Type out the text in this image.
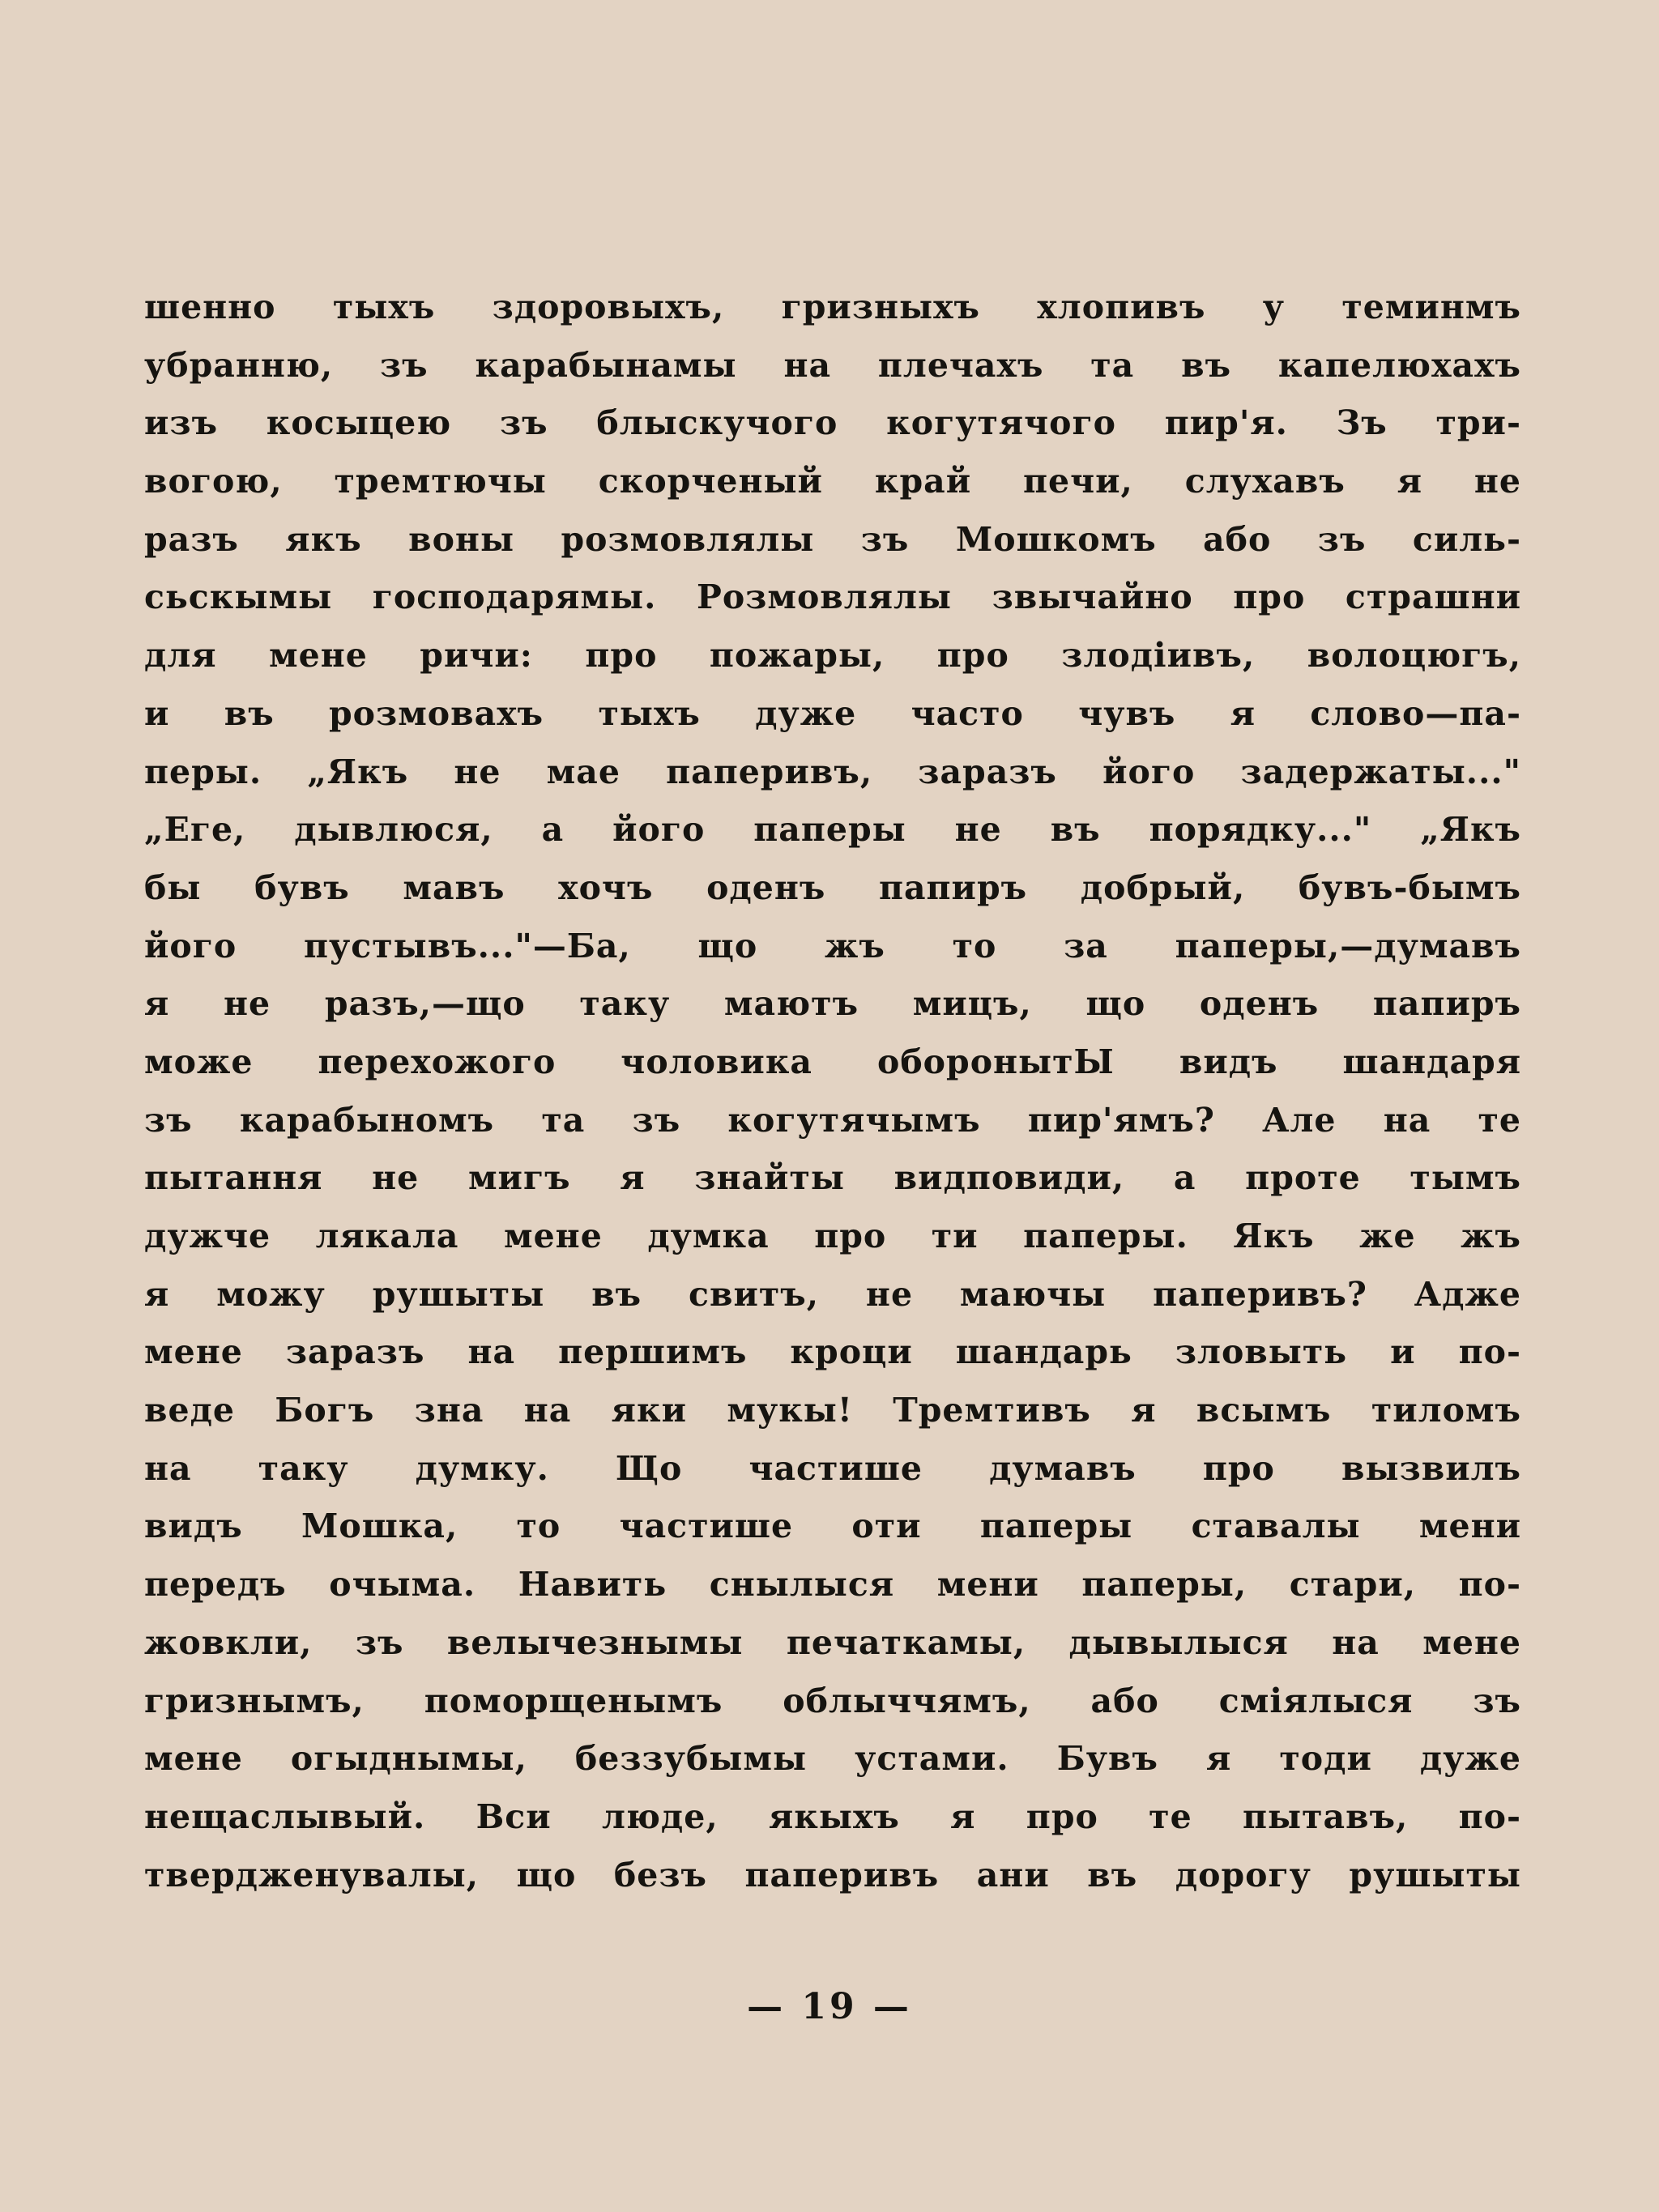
шенно тыхъ здоровыхъ, гризныхъ хлопивъ у теминмъ
убранню, зъ карабынамы на плечахъ та въ капелюхахъ
изъ косыцею зъ блыскучого когутячого пир'я. Зъ три-
вогою, тремтючы скорченый край печи, слухавъ я не
разъ якъ воны розмовлялы зъ Мошкомъ або зъ силь-
сьскымы господарямы. Розмовлялы звычайно про страшни
для мене ричи: про пожары, про злодіивъ, волоцюгъ,
и въ розмовахъ тыхъ дуже часто чувъ я слово—па-
перы. „Якъ не мае паперивъ, заразъ його задержаты..."
„Еге, дывлюся, а його паперы не въ порядку..." „Якъ
бы бувъ мавъ хочъ оденъ папиръ добрый, бувъ-бымъ
його пустывъ..."—Ба, що жъ то за паперы,—думавъ
я не разъ,—що таку маютъ мицъ, що оденъ папиръ
може перехожого чоловика оборонытЫ видъ шандаря
зъ карабыномъ та зъ когутячымъ пир'ямъ? Але на те
пытання не мигъ я знайты видповиди, а проте тымъ
дужче лякала мене думка про ти паперы. Якъ же жъ
я можу рушыты въ свитъ, не маючы паперивъ? Адже
мене заразъ на першимъ кроци шандарь зловыть и по-
веде Богъ зна на яки мукы! Тремтивъ я всымъ тиломъ
на таку думку. Що частише думавъ про вызвилъ
видъ Мошка, то частише оти паперы ставалы мени
передъ очыма. Навить снылыся мени паперы, стари, по-
жовкли, зъ велычезнымы печаткамы, дывылыся на мене
гризнымъ, поморщенымъ облыччямъ, або сміялыся зъ
мене огыднымы, беззубымы устами. Бувъ я тоди дуже
нещаслывый. Вси люде, якыхъ я про те пытавъ, по-
твердженувалы, що безъ паперивъ ани въ дорогу рушыты
— 19 —
